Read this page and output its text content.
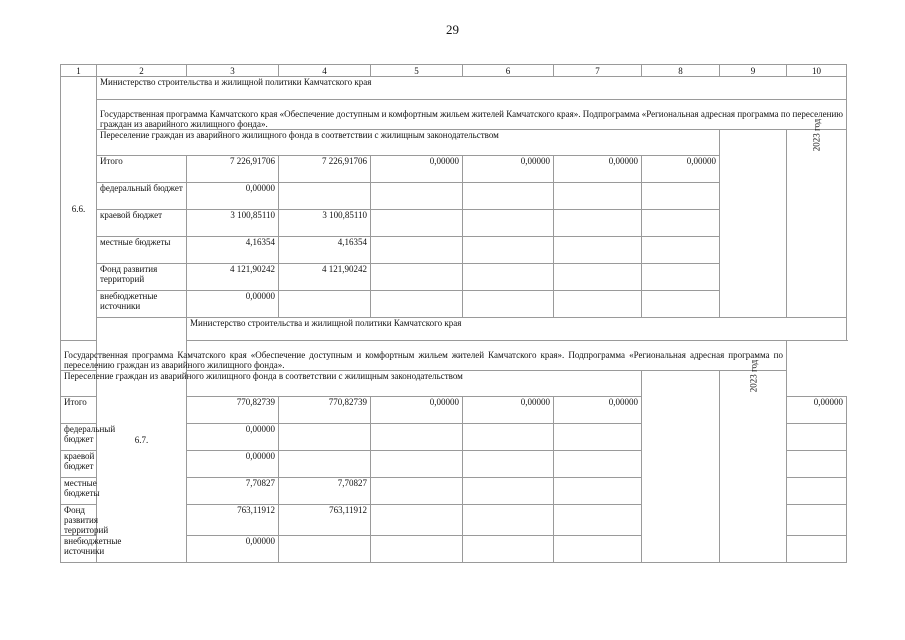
29
1	2	3	4	5	6	7	8	9	10
6.6.	Министерство строительства и жилищной политики Камчатского края								
	Государственная программа Камчатского края «Обеспечение доступным и комфортным жильем жителей Камчатского края». Подпрограмма «Региональная адресная программа по переселению граждан из аварийного жилищного фонда».								
	Переселение граждан из аварийного жилищного фонда в соответствии с жилищным законодательством								2023 год
	Итого	7 226,91706	7 226,91706	0,00000	0,00000	0,00000	0,00000		
	федеральный бюджет	0,00000							
	краевой бюджет	3 100,85110	3 100,85110						
	местные бюджеты	4,16354	4,16354						
	Фонд развития территорий	4 121,90242	4 121,90242						
	внебюджетные источники	0,00000							
	6.7.	Министерство строительства и жилищной политики Камчатского края							
Государственная программа Камчатского края «Обеспечение доступным и комфортным жильем жителей Камчатского края». Подпрограмма «Региональная адресная программа по переселению граждан из аварийного жилищного фонда».									
Переселение граждан из аварийного жилищного фонда в соответствии с жилищным законодательством								2023 год	
Итого		770,82739	770,82739	0,00000	0,00000	0,00000			0,00000
федеральный бюджет		0,00000							
краевой бюджет		0,00000							
местные бюджеты		7,70827	7,70827						
Фонд развития территорий		763,11912	763,11912						
внебюджетные источники		0,00000							
